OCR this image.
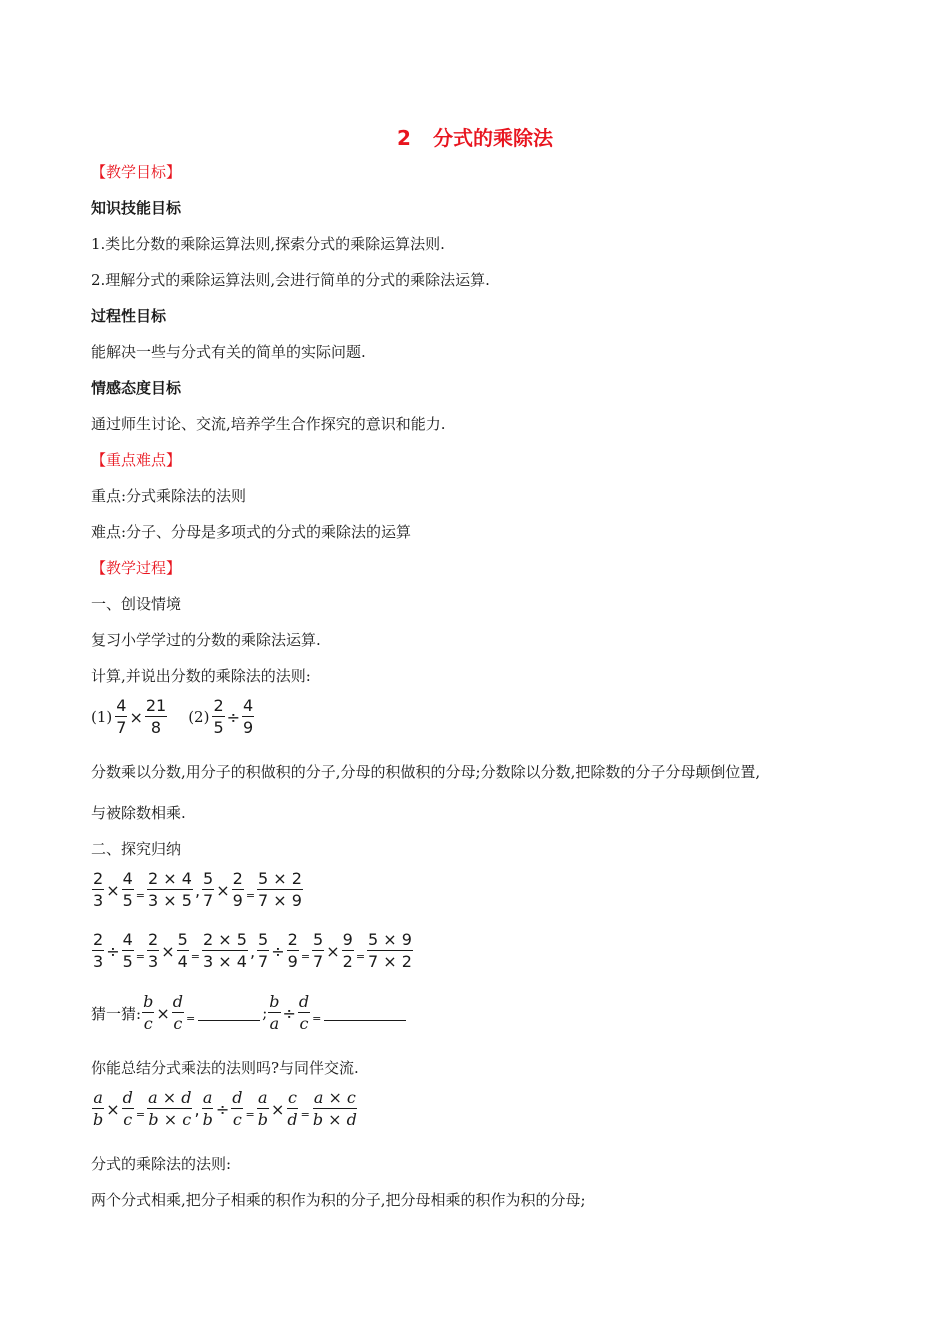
2 分式的乘除法
【教学目标】
知识技能目标
1.类比分数的乘除运算法则,探索分式的乘除运算法则.
2.理解分式的乘除运算法则,会进行简单的分式的乘除法运算.
过程性目标
能解决一些与分式有关的简单的实际问题.
情感态度目标
通过师生讨论、交流,培养学生合作探究的意识和能力.
【重点难点】
重点:分式乘除法的法则
难点:分子、分母是多项式的分式的乘除法的运算
【教学过程】
一、创设情境
复习小学学过的分数的乘除法运算.
计算,并说出分数的乘除法的法则:
$(1) \frac{4}{7} \times \frac{21}{8} (2) \frac{2}{5} \div \frac{4}{9}$
分数乘以分数,用分子的积做积的分子,分母的积做积的分母;分数除以分数,把除数的分子分母颠倒位置,
与被除数相乘.
二、探究归纳
$\frac{2}{3} \times \frac{4}{5} = \frac{2 \times 4}{3 \times 5}$ , $\frac{5}{7} \times \frac{2}{9} = \frac{5 \times 2}{7 \times 9}$
$\frac{2}{3} \div \frac{4}{5} = \frac{2}{3} \times \frac{5}{4} = \frac{2 \times 5}{3 \times 4}$ , $\frac{5}{7} \div \frac{2}{9} = \frac{5}{7} \times \frac{9}{2} = \frac{5 \times 9}{7 \times 2}$
猜一猜: $\frac{b}{c} \times \frac{d}{c}$ =	; $\frac{b}{a} \div \frac{d}{c}$ =
你能总结分式乘法的法则吗?与同伴交流.
$\frac{a}{b} \times \frac{d}{c} = \frac{a \times d}{b \times c}$ , $\frac{a}{b} \div \frac{d}{c} = \frac{a}{b} \times \frac{c}{d} = \frac{a \times c}{b \times d}$
分式的乘除法的法则:
两个分式相乘,把分子相乘的积作为积的分子,把分母相乘的积作为积的分母;
